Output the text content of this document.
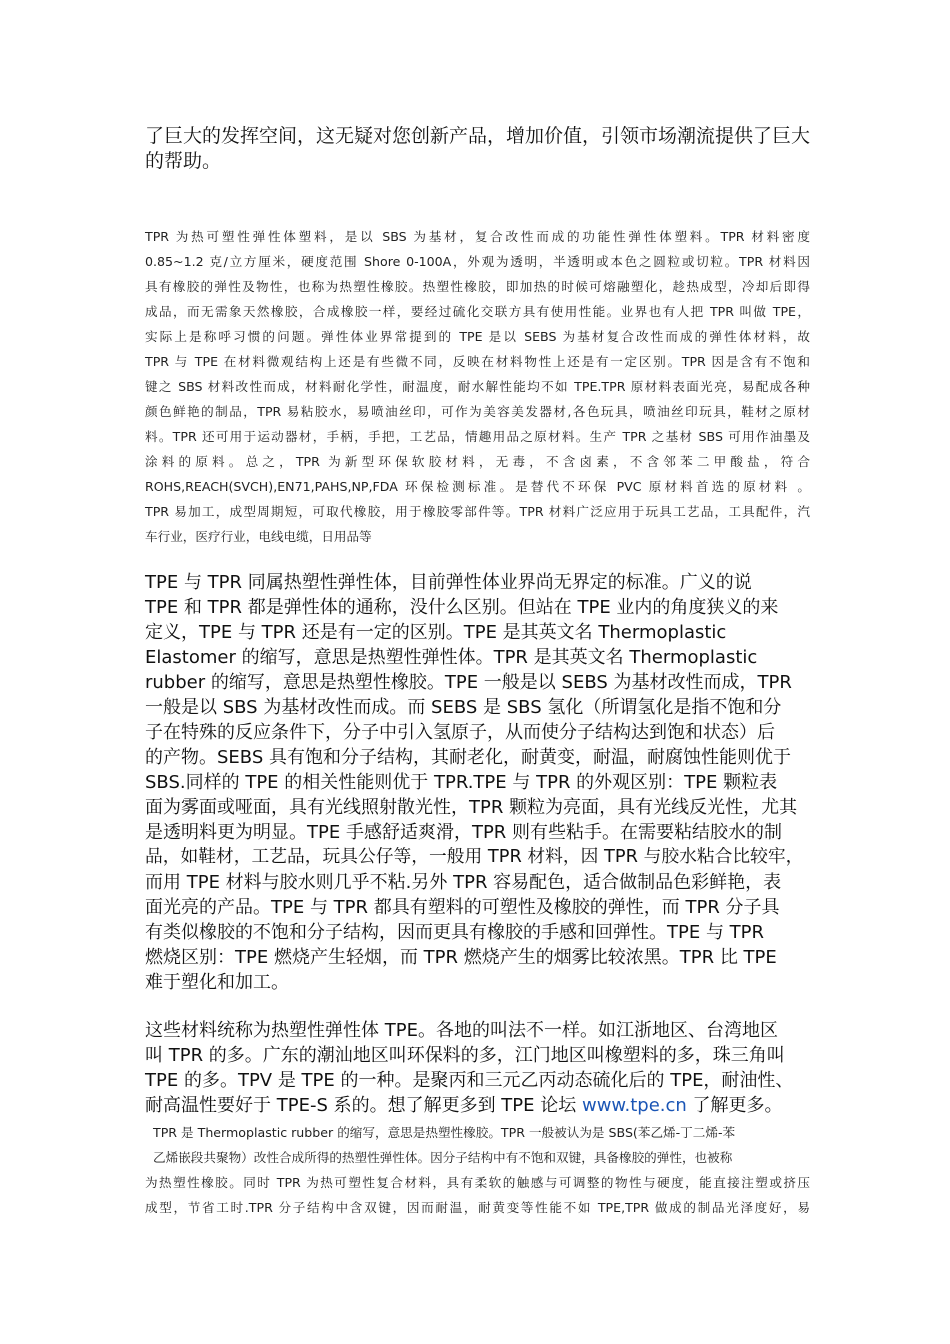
了巨大的发挥空间，这无疑对您创新产品，增加价值，引领市场潮流提供了巨大
的帮助。
TPR 为热可塑性弹性体塑料，是以 SBS 为基材，复合改性而成的功能性弹性体塑料。TPR 材料密度
0.85~1.2 克/立方厘米，硬度范围 Shore 0-100A，外观为透明，半透明或本色之圆粒或切粒。TPR 材料因
具有橡胶的弹性及物性，也称为热塑性橡胶。热塑性橡胶，即加热的时候可熔融塑化，趁热成型，冷却后即得
成品，而无需象天然橡胶，合成橡胶一样，要经过硫化交联方具有使用性能。业界也有人把 TPR 叫做 TPE，
实际上是称呼习惯的问题。弹性体业界常提到的 TPE 是以 SEBS 为基材复合改性而成的弹性体材料，故
TPR 与 TPE 在材料微观结构上还是有些微不同，反映在材料物性上还是有一定区别。TPR 因是含有不饱和
键之 SBS 材料改性而成，材料耐化学性，耐温度，耐水解性能均不如 TPE.TPR 原材料表面光亮，易配成各种
颜色鲜艳的制品，TPR 易粘胶水，易喷油丝印，可作为美容美发器材,各色玩具，喷油丝印玩具，鞋材之原材
料。TPR 还可用于运动器材，手柄，手把，工艺品，情趣用品之原材料。生产 TPR 之基材 SBS 可用作油墨及
涂料的原料。总之，TPR 为新型环保软胶材料，无毒，不含卤素，不含邻苯二甲酸盐，符合
ROHS,REACH(SVCH),EN71,PAHS,NP,FDA 环保检测标准。是替代不环保 PVC 原材料首选的原材料 。
TPR 易加工，成型周期短，可取代橡胶，用于橡胶零部件等。TPR 材料广泛应用于玩具工艺品，工具配件，汽
车行业，医疗行业，电线电缆，日用品等
TPE 与 TPR 同属热塑性弹性体，目前弹性体业界尚无界定的标准。广义的说
TPE 和 TPR 都是弹性体的通称，没什么区别。但站在 TPE 业内的角度狭义的来
定义，TPE 与 TPR 还是有一定的区别。TPE 是其英文名 Thermoplastic
Elastomer 的缩写，意思是热塑性弹性体。TPR 是其英文名 Thermoplastic
rubber 的缩写，意思是热塑性橡胶。TPE 一般是以 SEBS 为基材改性而成，TPR
一般是以 SBS 为基材改性而成。而 SEBS 是 SBS 氢化（所谓氢化是指不饱和分
子在特殊的反应条件下，分子中引入氢原子，从而使分子结构达到饱和状态）后
的产物。SEBS 具有饱和分子结构，其耐老化，耐黄变，耐温，耐腐蚀性能则优于
SBS.同样的 TPE 的相关性能则优于 TPR.TPE 与 TPR 的外观区别：TPE 颗粒表
面为雾面或哑面，具有光线照射散光性，TPR 颗粒为亮面，具有光线反光性，尤其
是透明料更为明显。TPE 手感舒适爽滑，TPR 则有些粘手。在需要粘结胶水的制
品，如鞋材，工艺品，玩具公仔等，一般用 TPR 材料，因 TPR 与胶水粘合比较牢，
而用 TPE 材料与胶水则几乎不粘.另外 TPR 容易配色，适合做制品色彩鲜艳，表
面光亮的产品。TPE 与 TPR 都具有塑料的可塑性及橡胶的弹性，而 TPR 分子具
有类似橡胶的不饱和分子结构，因而更具有橡胶的手感和回弹性。TPE 与 TPR
燃烧区别：TPE 燃烧产生轻烟，而 TPR 燃烧产生的烟雾比较浓黑。TPR 比 TPE
难于塑化和加工。
这些材料统称为热塑性弹性体 TPE。各地的叫法不一样。如江浙地区、台湾地区
叫 TPR 的多。广东的潮汕地区叫环保料的多，江门地区叫橡塑料的多，珠三角叫
TPE 的多。TPV 是 TPE 的一种。是聚丙和三元乙丙动态硫化后的 TPE，耐油性、
耐高温性要好于 TPE-S 系的。想了解更多到 TPE 论坛 www.tpe.cn 了解更多。
TPR 是 Thermoplastic rubber 的缩写，意思是热塑性橡胶。TPR 一般被认为是 SBS(苯乙烯-丁二烯-苯
乙烯嵌段共聚物）改性合成所得的热塑性弹性体。因分子结构中有不饱和双键，具备橡胶的弹性，也被称
为热塑性橡胶。同时 TPR 为热可塑性复合材料，具有柔软的触感与可调整的物性与硬度，能直接注塑或挤压
成型，节省工时.TPR 分子结构中含双键，因而耐温，耐黄变等性能不如 TPE,TPR 做成的制品光泽度好，易
